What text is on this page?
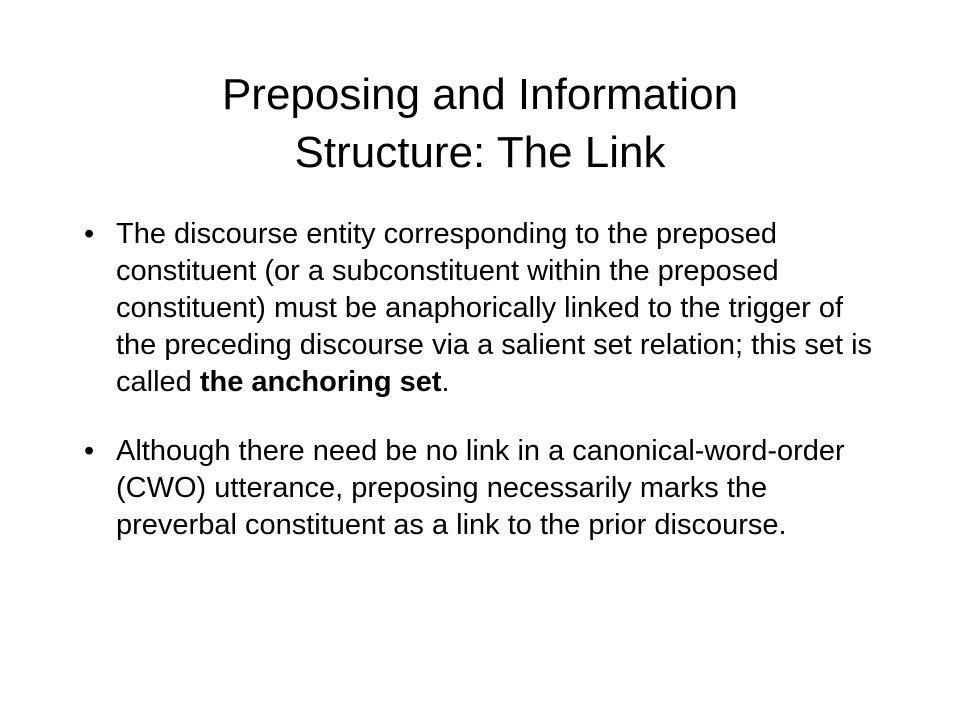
Preposing and Information
Structure: The Link
• The discourse entity corresponding to the preposed constituent (or a subconstituent within the preposed constituent) must be anaphorically linked to the trigger of the preceding discourse via a salient set relation; this set is called the anchoring set.
• Although there need be no link in a canonical-word-order (CWO) utterance, preposing necessarily marks the preverbal constituent as a link to the prior discourse.
